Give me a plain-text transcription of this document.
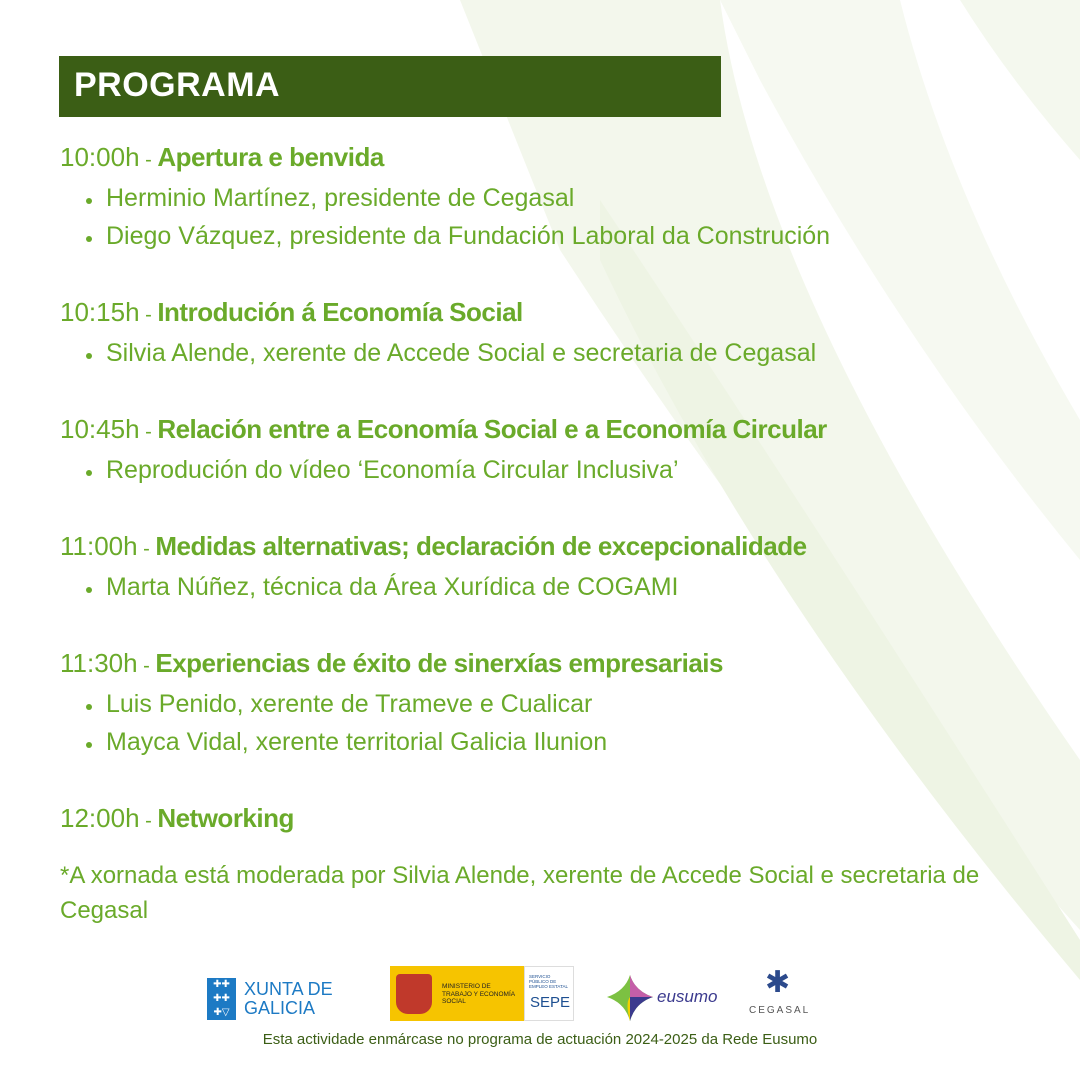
PROGRAMA
10:00h - Apertura e benvida
Herminio Martínez, presidente de Cegasal
Diego Vázquez, presidente da Fundación Laboral da Construción
10:15h - Introdución á Economía Social
Silvia Alende, xerente de Accede Social e secretaria de Cegasal
10:45h - Relación entre a Economía Social e a Economía Circular
Reprodución do vídeo ‘Economía Circular Inclusiva’
11:00h - Medidas alternativas; declaración de excepcionalidade
Marta Núñez, técnica da Área Xurídica de COGAMI
11:30h - Experiencias de éxito de sinerxías empresariais
Luis Penido, xerente de Trameve e Cualicar
Mayca Vidal, xerente territorial Galicia Ilunion
12:00h - Networking
*A xornada está moderada por Silvia Alende, xerente de Accede Social e secretaria de Cegasal
✚✚
✚✚
✚▽
XUNTA DE GALICIA
MINISTERIO DE TRABAJO Y ECONOMÍA SOCIAL
SERVICIO PÚBLICO DE EMPLEO ESTATAL
SEPE	eusumo ✱
CEGASAL
Esta actividade enmárcase no programa de actuación 2024-2025 da Rede Eusumo
